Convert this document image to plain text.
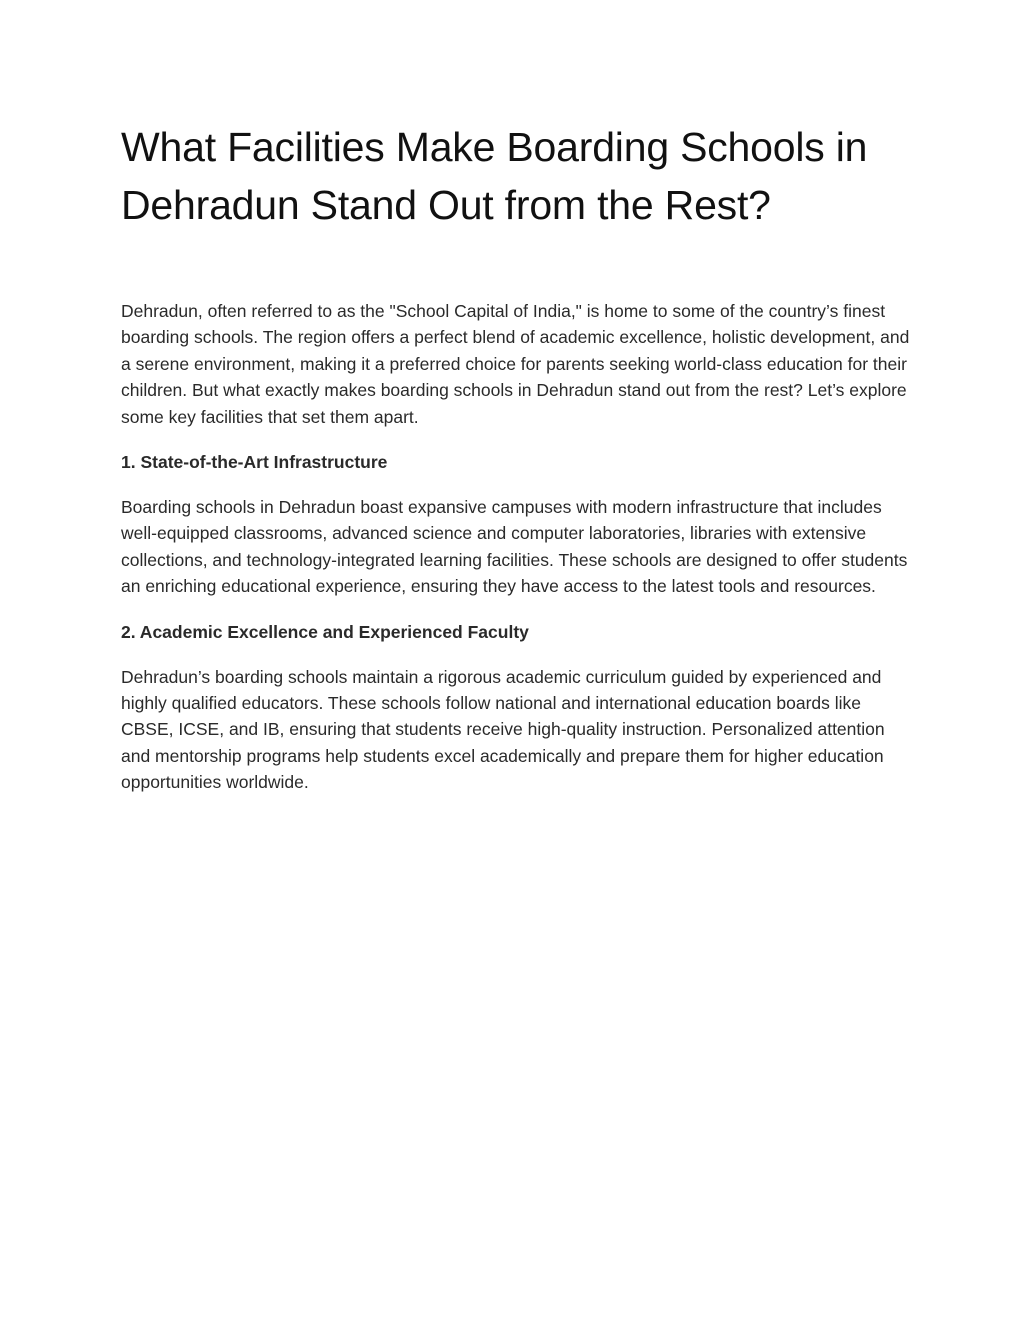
What Facilities Make Boarding Schools in Dehradun Stand Out from the Rest?

Dehradun, often referred to as the "School Capital of India," is home to some of the country’s finest boarding schools. The region offers a perfect blend of academic excellence, holistic development, and a serene environment, making it a preferred choice for parents seeking world-class education for their children. But what exactly makes boarding schools in Dehradun stand out from the rest? Let’s explore some key facilities that set them apart.

1. State-of-the-Art Infrastructure

Boarding schools in Dehradun boast expansive campuses with modern infrastructure that includes well-equipped classrooms, advanced science and computer laboratories, libraries with extensive collections, and technology-integrated learning facilities. These schools are designed to offer students an enriching educational experience, ensuring they have access to the latest tools and resources.

2. Academic Excellence and Experienced Faculty

Dehradun’s boarding schools maintain a rigorous academic curriculum guided by experienced and highly qualified educators. These schools follow national and international education boards like CBSE, ICSE, and IB, ensuring that students receive high-quality instruction. Personalized attention and mentorship programs help students excel academically and prepare them for higher education opportunities worldwide.
